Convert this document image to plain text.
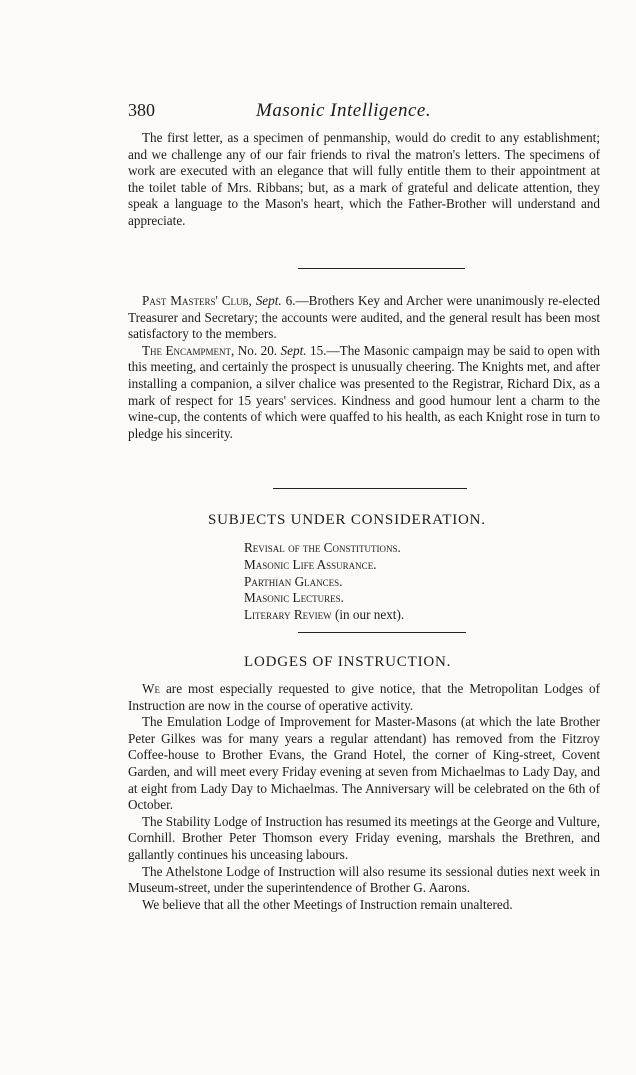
380	Masonic Intelligence.

The first letter, as a specimen of penmanship, would do credit to any establishment; and we challenge any of our fair friends to rival the matron's letters. The specimens of work are executed with an elegance that will fully entitle them to their appointment at the toilet table of Mrs. Ribbans; but, as a mark of grateful and delicate attention, they speak a language to the Mason's heart, which the Father-Brother will understand and appreciate.

Past Masters' Club, Sept. 6.—Brothers Key and Archer were unanimously re-elected Treasurer and Secretary; the accounts were audited, and the general result has been most satisfactory to the members.

The Encampment, No. 20. Sept. 15.—The Masonic campaign may be said to open with this meeting, and certainly the prospect is unusually cheering. The Knights met, and after installing a companion, a silver chalice was presented to the Registrar, Richard Dix, as a mark of respect for 15 years' services. Kindness and good humour lent a charm to the wine-cup, the contents of which were quaffed to his health, as each Knight rose in turn to pledge his sincerity.

SUBJECTS UNDER CONSIDERATION.
Revisal of the Constitutions.
Masonic Life Assurance.
Parthian Glances.
Masonic Lectures.
Literary Review (in our next).
LODGES OF INSTRUCTION.

We are most especially requested to give notice, that the Metropolitan Lodges of Instruction are now in the course of operative activity.

The Emulation Lodge of Improvement for Master-Masons (at which the late Brother Peter Gilkes was for many years a regular attendant) has removed from the Fitzroy Coffee-house to Brother Evans, the Grand Hotel, the corner of King-street, Covent Garden, and will meet every Friday evening at seven from Michaelmas to Lady Day, and at eight from Lady Day to Michaelmas. The Anniversary will be celebrated on the 6th of October.

The Stability Lodge of Instruction has resumed its meetings at the George and Vulture, Cornhill. Brother Peter Thomson every Friday evening, marshals the Brethren, and gallantly continues his unceasing labours.

The Athelstone Lodge of Instruction will also resume its sessional duties next week in Museum-street, under the superintendence of Brother G. Aarons.

We believe that all the other Meetings of Instruction remain unaltered.
